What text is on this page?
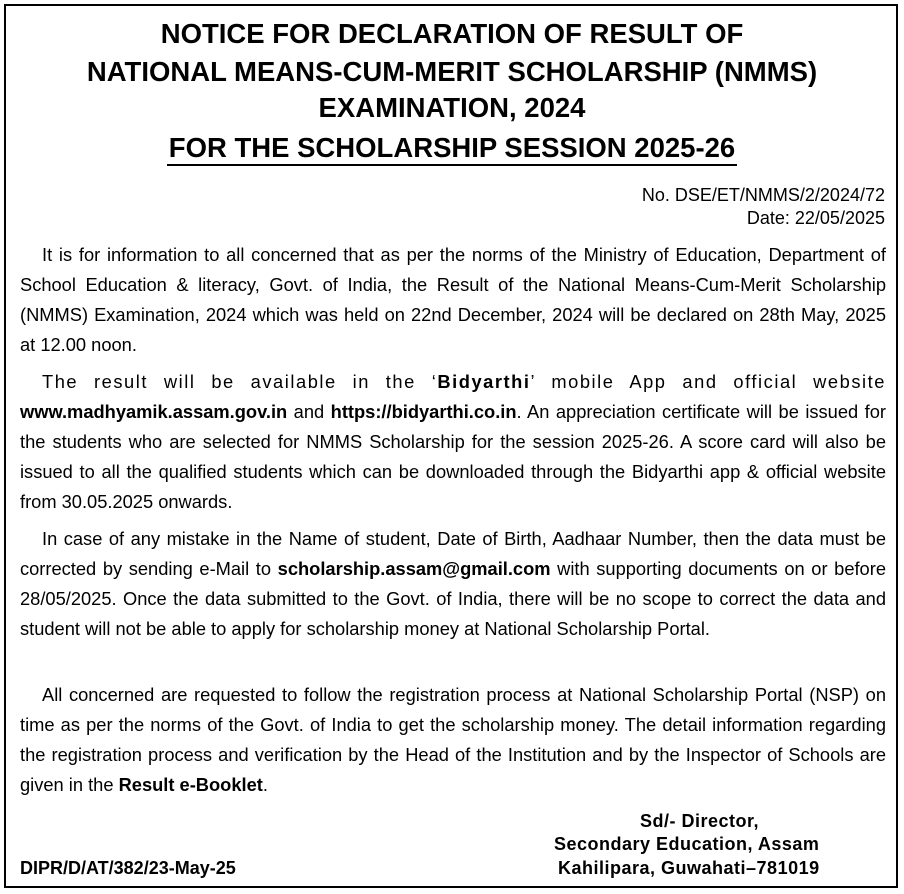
NOTICE FOR DECLARATION OF RESULT OF
NATIONAL MEANS-CUM-MERIT SCHOLARSHIP (NMMS)
EXAMINATION, 2024
FOR THE SCHOLARSHIP SESSION 2025-26
No. DSE/ET/NMMS/2/2024/72
Date: 22/05/2025

It is for information to all concerned that as per the norms of the Ministry of Education, Department of School Education & literacy, Govt. of India, the Result of the National Means-Cum-Merit Scholarship (NMMS) Examination, 2024 which was held on 22nd December, 2024 will be declared on 28th May, 2025 at 12.00 noon.

The result will be available in the ‘Bidyarthi’ mobile App and official website www.madhyamik.assam.gov.in and https://bidyarthi.co.in. An appreciation certificate will be issued for the students who are selected for NMMS Scholarship for the session 2025-26. A score card will also be issued to all the qualified students which can be downloaded through the Bidyarthi app & official website from 30.05.2025 onwards.

In case of any mistake in the Name of student, Date of Birth, Aadhaar Number, then the data must be corrected by sending e-Mail to scholarship.assam@gmail.com with supporting documents on or before 28/05/2025. Once the data submitted to the Govt. of India, there will be no scope to correct the data and student will not be able to apply for scholarship money at National Scholarship Portal.

All concerned are requested to follow the registration process at National Scholarship Portal (NSP) on time as per the norms of the Govt. of India to get the scholarship money. The detail information regarding the registration process and verification by the Head of the Institution and by the Inspector of Schools are given in the Result e-Booklet.

Sd/- Director,
Secondary Education, Assam
Kahilipara, Guwahati–781019
DIPR/D/AT/382/23-May-25
